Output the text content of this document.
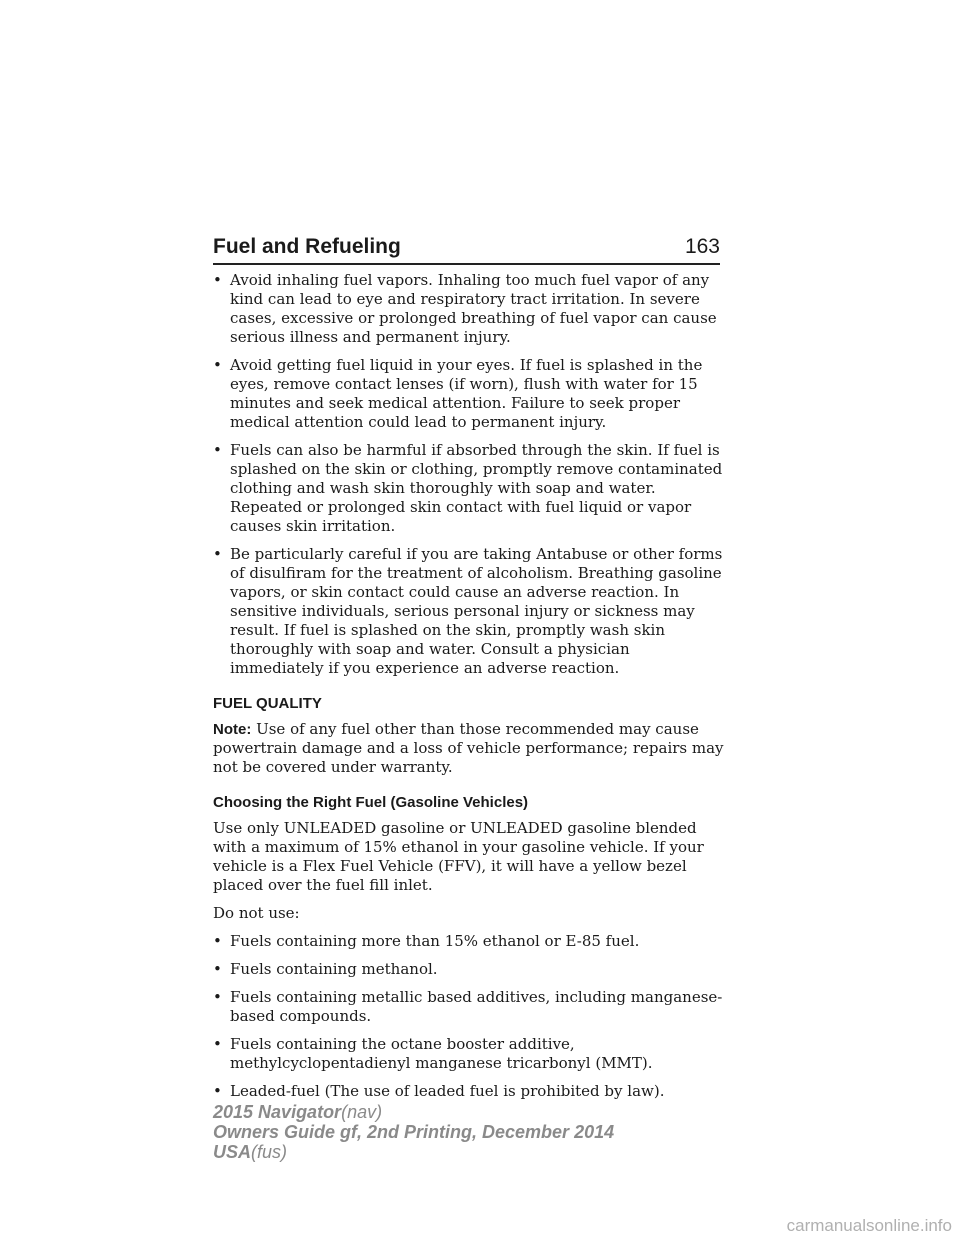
Fuel and Refueling	163
• Avoid inhaling fuel vapors. Inhaling too much fuel vapor of any kind can lead to eye and respiratory tract irritation. In severe cases, excessive or prolonged breathing of fuel vapor can cause serious illness and permanent injury.
• Avoid getting fuel liquid in your eyes. If fuel is splashed in the eyes, remove contact lenses (if worn), flush with water for 15 minutes and seek medical attention. Failure to seek proper medical attention could lead to permanent injury.
• Fuels can also be harmful if absorbed through the skin. If fuel is splashed on the skin or clothing, promptly remove contaminated clothing and wash skin thoroughly with soap and water. Repeated or prolonged skin contact with fuel liquid or vapor causes skin irritation.
• Be particularly careful if you are taking Antabuse or other forms of disulfiram for the treatment of alcoholism. Breathing gasoline vapors, or skin contact could cause an adverse reaction. In sensitive individuals, serious personal injury or sickness may result. If fuel is splashed on the skin, promptly wash skin thoroughly with soap and water. Consult a physician immediately if you experience an adverse reaction.
FUEL QUALITY

Note: Use of any fuel other than those recommended may cause powertrain damage and a loss of vehicle performance; repairs may not be covered under warranty.

Choosing the Right Fuel (Gasoline Vehicles)

Use only UNLEADED gasoline or UNLEADED gasoline blended with a maximum of 15% ethanol in your gasoline vehicle. If your vehicle is a Flex Fuel Vehicle (FFV), it will have a yellow bezel placed over the fuel fill inlet.

Do not use:

• Fuels containing more than 15% ethanol or E-85 fuel.
• Fuels containing methanol.
• Fuels containing metallic based additives, including manganese-based compounds.
• Fuels containing the octane booster additive, methylcyclopentadienyl manganese tricarbonyl (MMT).
• Leaded-fuel (The use of leaded fuel is prohibited by law).
2015 Navigator(nav)
Owners Guide gf, 2nd Printing, December 2014
USA(fus)
carmanualsonline.info
